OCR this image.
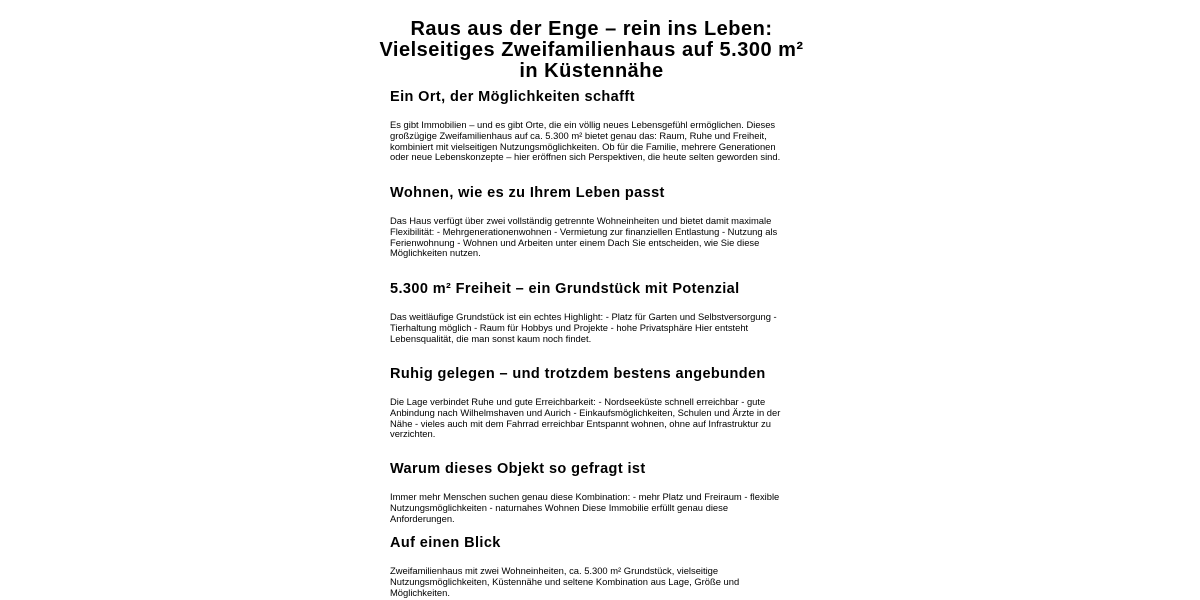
Raus aus der Enge – rein ins Leben: Vielseitiges Zweifamilienhaus auf 5.300 m² in Küstennähe
Ein Ort, der Möglichkeiten schafft

Es gibt Immobilien – und es gibt Orte, die ein völlig neues Lebensgefühl ermöglichen. Dieses großzügige Zweifamilienhaus auf ca. 5.300 m² bietet genau das: Raum, Ruhe und Freiheit, kombiniert mit vielseitigen Nutzungsmöglichkeiten. Ob für die Familie, mehrere Generationen oder neue Lebenskonzepte – hier eröffnen sich Perspektiven, die heute selten geworden sind.

Wohnen, wie es zu Ihrem Leben passt

Das Haus verfügt über zwei vollständig getrennte Wohneinheiten und bietet damit maximale Flexibilität: - Mehrgenerationenwohnen - Vermietung zur finanziellen Entlastung - Nutzung als Ferienwohnung - Wohnen und Arbeiten unter einem Dach Sie entscheiden, wie Sie diese Möglichkeiten nutzen.

5.300 m² Freiheit – ein Grundstück mit Potenzial

Das weitläufige Grundstück ist ein echtes Highlight: - Platz für Garten und Selbstversorgung - Tierhaltung möglich - Raum für Hobbys und Projekte - hohe Privatsphäre Hier entsteht Lebensqualität, die man sonst kaum noch findet.

Ruhig gelegen – und trotzdem bestens angebunden

Die Lage verbindet Ruhe und gute Erreichbarkeit: - Nordseeküste schnell erreichbar - gute Anbindung nach Wilhelmshaven und Aurich - Einkaufsmöglichkeiten, Schulen und Ärzte in der Nähe - vieles auch mit dem Fahrrad erreichbar Entspannt wohnen, ohne auf Infrastruktur zu verzichten.

Warum dieses Objekt so gefragt ist

Immer mehr Menschen suchen genau diese Kombination: - mehr Platz und Freiraum - flexible Nutzungsmöglichkeiten - naturnahes Wohnen Diese Immobilie erfüllt genau diese Anforderungen.

Auf einen Blick

Zweifamilienhaus mit zwei Wohneinheiten, ca. 5.300 m² Grundstück, vielseitige Nutzungsmöglichkeiten, Küstennähe und seltene Kombination aus Lage, Größe und Möglichkeiten.
